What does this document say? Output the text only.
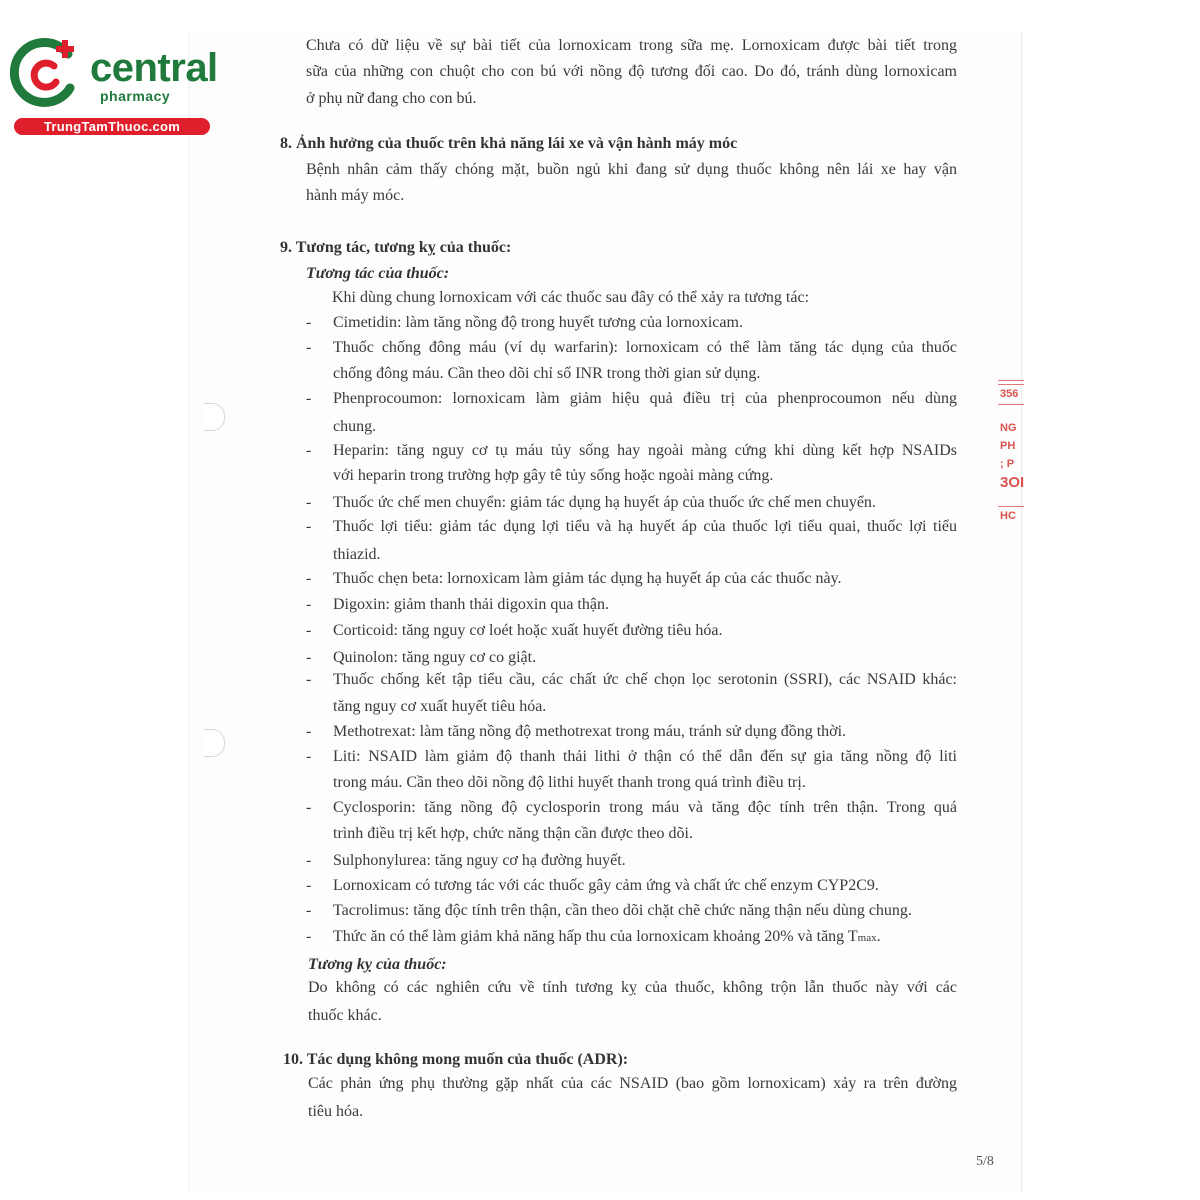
central
pharmacy
TrungTamThuoc.com
Chưa có dữ liệu về sự bài tiết của lornoxicam trong sữa mẹ. Lornoxicam được bài tiết trong
sữa của những con chuột cho con bú với nồng độ tương đối cao. Do đó, tránh dùng lornoxicam
ở phụ nữ đang cho con bú.
8. Ảnh hưởng của thuốc trên khả năng lái xe và vận hành máy móc
Bệnh nhân cảm thấy chóng mặt, buồn ngủ khi đang sử dụng thuốc không nên lái xe hay vận
hành máy móc.
9. Tương tác, tương kỵ của thuốc:
Tương tác của thuốc:
Khi dùng chung lornoxicam với các thuốc sau đây có thể xảy ra tương tác:
- Cimetidin: làm tăng nồng độ trong huyết tương của lornoxicam.
- Thuốc chống đông máu (ví dụ warfarin): lornoxicam có thể làm tăng tác dụng của thuốc
chống đông máu. Cần theo dõi chỉ số INR trong thời gian sử dụng.
- Phenprocoumon: lornoxicam làm giảm hiệu quả điều trị của phenprocoumon nếu dùng
chung.
- Heparin: tăng nguy cơ tụ máu tủy sống hay ngoài màng cứng khi dùng kết hợp NSAIDs
với heparin trong trường hợp gây tê tủy sống hoặc ngoài màng cứng.
- Thuốc ức chế men chuyển: giảm tác dụng hạ huyết áp của thuốc ức chế men chuyển.
- Thuốc lợi tiểu: giảm tác dụng lợi tiểu và hạ huyết áp của thuốc lợi tiểu quai, thuốc lợi tiểu
thiazid.
- Thuốc chẹn beta: lornoxicam làm giảm tác dụng hạ huyết áp của các thuốc này.
- Digoxin: giảm thanh thải digoxin qua thận.
- Corticoid: tăng nguy cơ loét hoặc xuất huyết đường tiêu hóa.
- Quinolon: tăng nguy cơ co giật.
- Thuốc chống kết tập tiểu cầu, các chất ức chế chọn lọc serotonin (SSRI), các NSAID khác:
tăng nguy cơ xuất huyết tiêu hóa.
- Methotrexat: làm tăng nồng độ methotrexat trong máu, tránh sử dụng đồng thời.
- Liti: NSAID làm giảm độ thanh thải lithi ở thận có thể dẫn đến sự gia tăng nồng độ liti
trong máu. Cần theo dõi nồng độ lithi huyết thanh trong quá trình điều trị.
- Cyclosporin: tăng nồng độ cyclosporin trong máu và tăng độc tính trên thận. Trong quá
trình điều trị kết hợp, chức năng thận cần được theo dõi.
- Sulphonylurea: tăng nguy cơ hạ đường huyết.
- Lornoxicam có tương tác với các thuốc gây cảm ứng và chất ức chế enzym CYP2C9.
- Tacrolimus: tăng độc tính trên thận, cần theo dõi chặt chẽ chức năng thận nếu dùng chung.
- Thức ăn có thể làm giảm khả năng hấp thu của lornoxicam khoảng 20% và tăng Tmax.
Tương kỵ của thuốc:
Do không có các nghiên cứu về tính tương kỵ của thuốc, không trộn lẫn thuốc này với các
thuốc khác.
10. Tác dụng không mong muốn của thuốc (ADR):
Các phản ứng phụ thường gặp nhất của các NSAID (bao gồm lornoxicam) xảy ra trên đường
tiêu hóa.
356
NG
PH
; P
3OI
HC
5/8
